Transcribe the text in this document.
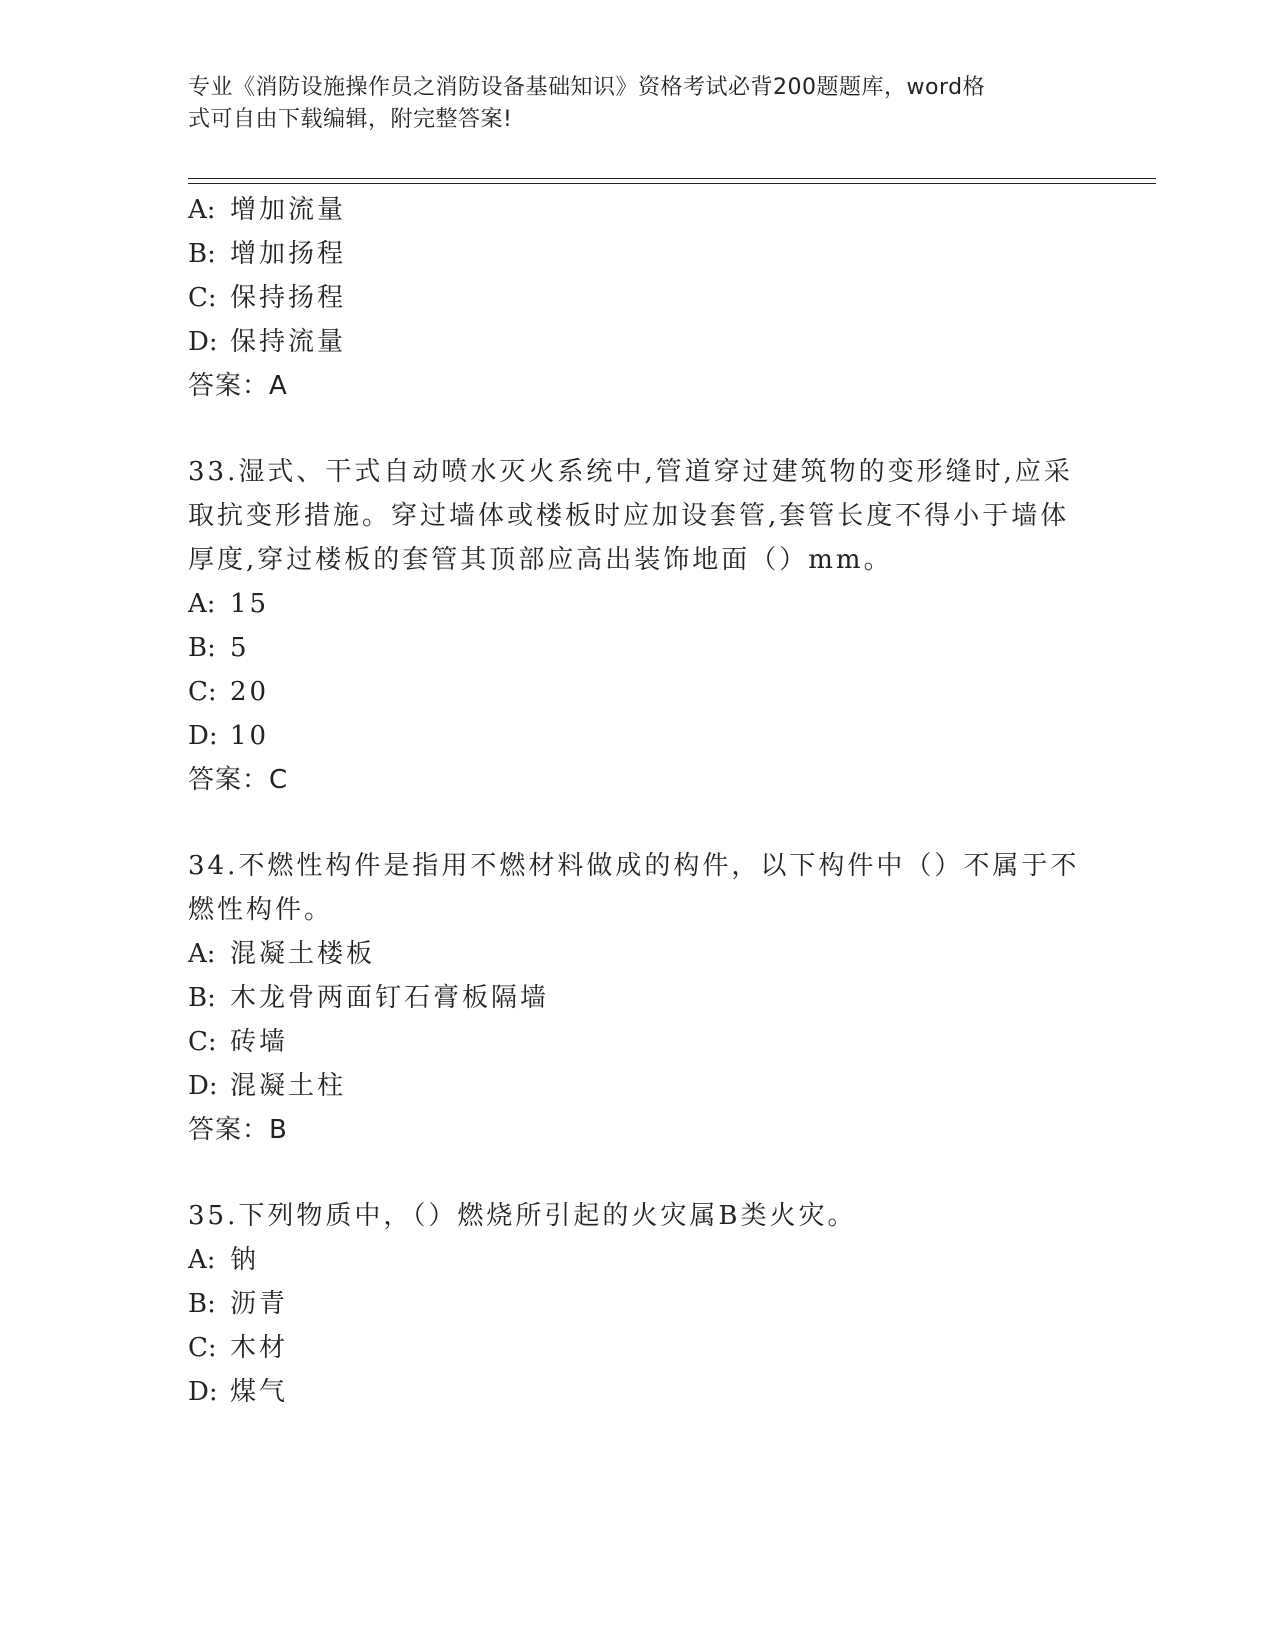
专业《消防设施操作员之消防设备基础知识》资格考试必背200题题库，word格
式可自由下载编辑，附完整答案!
A: 增加流量
B: 增加扬程
C: 保持扬程
D: 保持流量
答案：A
33.湿式、干式自动喷水灭火系统中,管道穿过建筑物的变形缝时,应采
取抗变形措施。穿过墙体或楼板时应加设套管,套管长度不得小于墙体
厚度,穿过楼板的套管其顶部应高出装饰地面（）mm。
A: 15
B: 5
C: 20
D: 10
答案：C
34.不燃性构件是指用不燃材料做成的构件，以下构件中（）不属于不
燃性构件。
A: 混凝土楼板
B: 木龙骨两面钉石膏板隔墙
C: 砖墙
D: 混凝土柱
答案：B
35.下列物质中，（）燃烧所引起的火灾属B类火灾。
A: 钠
B: 沥青
C: 木材
D: 煤气
